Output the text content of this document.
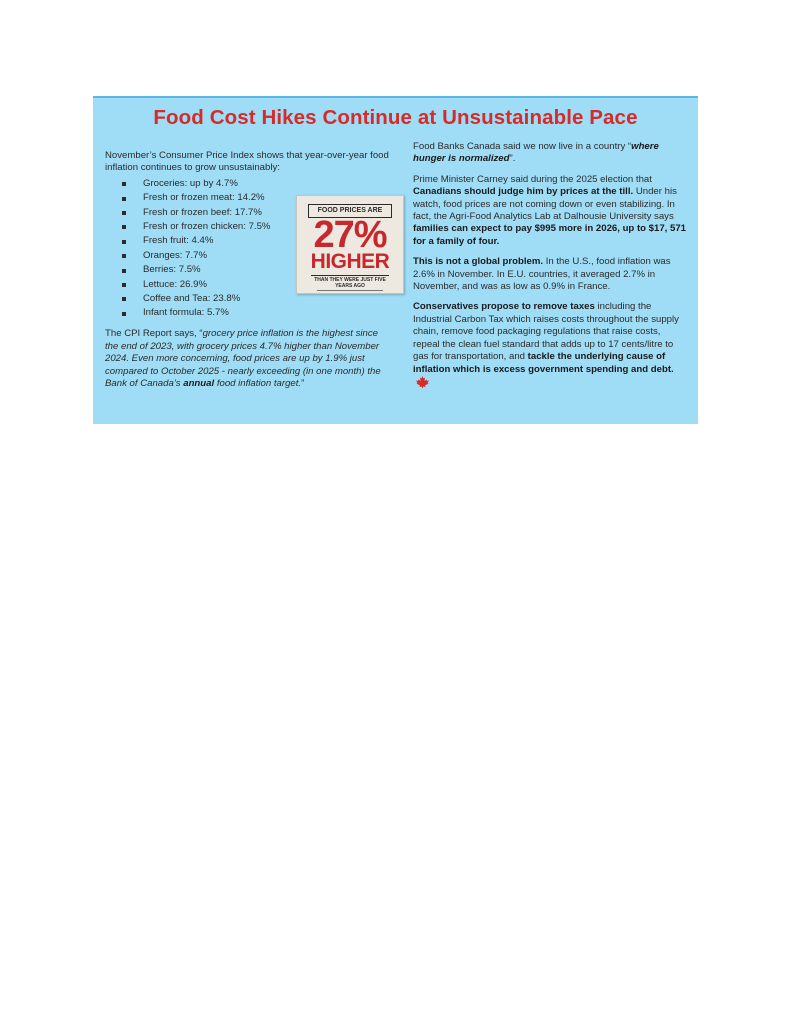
Food Cost Hikes Continue at Unsustainable Pace

November’s Consumer Price Index shows that year-over-year food inflation continues to grow unsustainably:

Groceries: up by 4.7%
Fresh or frozen meat: 14.2%
Fresh or frozen beef: 17.7%
Fresh or frozen chicken: 7.5%
Fresh fruit: 4.4%
Oranges: 7.7%
Berries: 7.5%
Lettuce: 26.9%
Coffee and Tea: 23.8%
Infant formula: 5.7%
FOOD PRICES ARE
27%
HIGHER
THAN THEY WERE JUST FIVE YEARS AGO
The CPI Report says, “grocery price inflation is the highest since the end of 2023, with grocery prices 4.7% higher than November 2024. Even more concerning, food prices are up by 1.9% just compared to October 2025 - nearly exceeding (in one month) the Bank of Canada’s annual food inflation target.”

Food Banks Canada said we now live in a country “where hunger is normalized”.

Prime Minister Carney said during the 2025 election that Canadians should judge him by prices at the till. Under his watch, food prices are not coming down or even stabilizing. In fact, the Agri-Food Analytics Lab at Dalhousie University says families can expect to pay $995 more in 2026, up to $17, 571 for a family of four.

This is not a global problem. In the U.S., food inflation was 2.6% in November. In E.U. countries, it averaged 2.7% in November, and was as low as 0.9% in France.

Conservatives propose to remove taxes including the Industrial Carbon Tax which raises costs throughout the supply chain, remove food packaging regulations that raise costs, repeal the clean fuel standard that adds up to 17 cents/litre to gas for transportation, and tackle the underlying cause of inflation which is excess government spending and debt.
